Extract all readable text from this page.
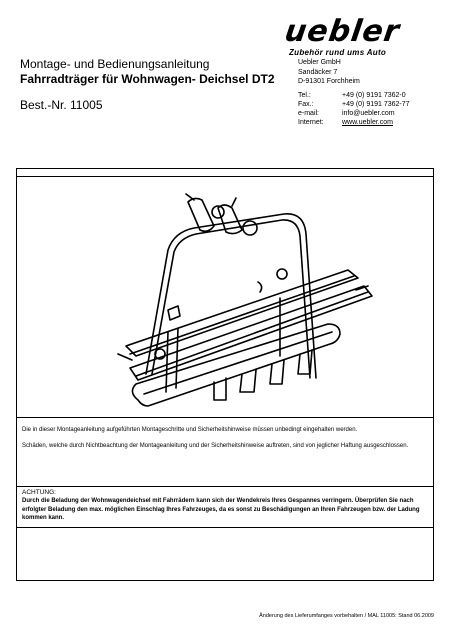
Montage- und Bedienungsanleitung
Fahrradträger für Wohnwagen- Deichsel DT2
Best.-Nr. 11005
uebler
Zubehör rund ums Auto
Uebler GmbH
Sandäcker 7
D-91301 Forchheim
Tel.:	+49 (0) 9191 7362-0
Fax.:	+49 (0) 9191 7362-77
e-mail:	info@uebler.com
Internet:	www.uebler.com

Die in dieser Montageanleitung aufgeführten Montageschritte und Sicherheitshinweise müssen unbedingt eingehalten werden.

Schäden, welche durch Nichtbeachtung der Montageanleitung und der Sicherheitshinweise auftreten, sind von jeglicher Haftung ausgeschlossen.

ACHTUNG:
Durch die Beladung der Wohnwagendeichsel mit Fahrrädern kann sich der Wendekreis Ihres Gespannes verringern. Überprüfen Sie nach erfolgter Beladung den max. möglichen Einschlag Ihres Fahrzeuges, da es sonst zu Beschädigungen an Ihren Fahrzeugen bzw. der Ladung kommen kann.
Änderung des Lieferumfanges vorbehalten / MAL 11005: Stand 06.2009
